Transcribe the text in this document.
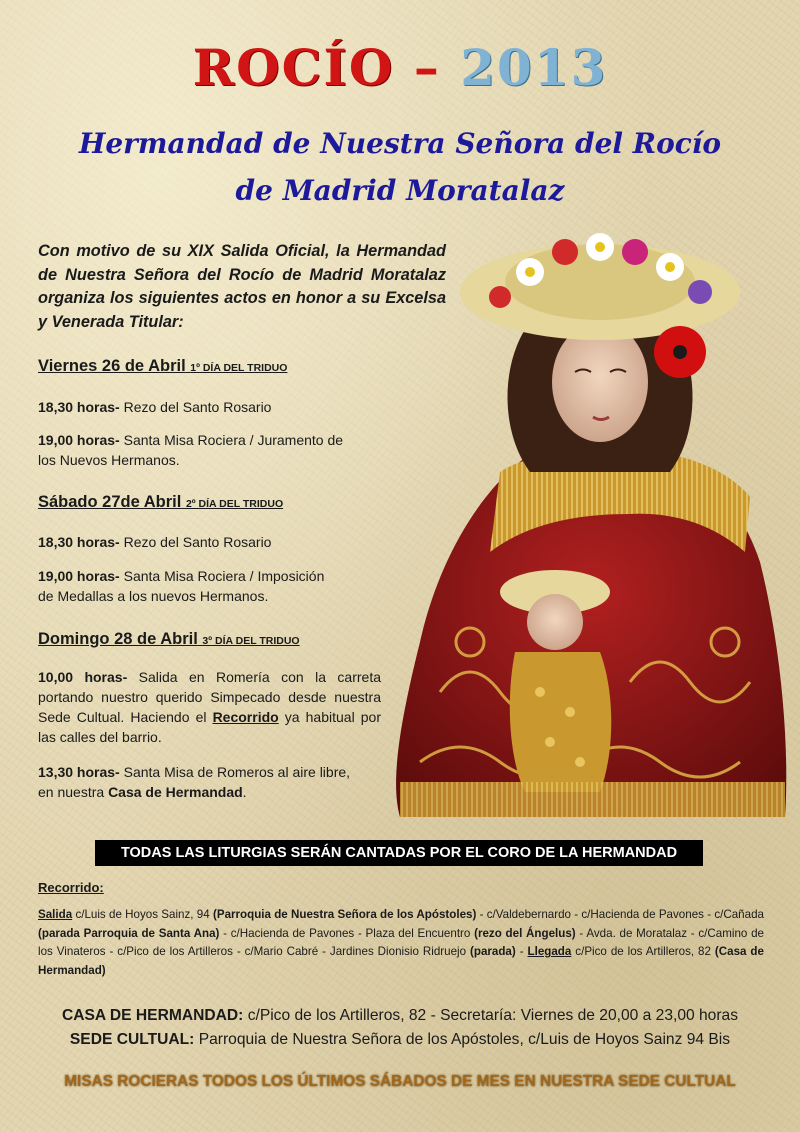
ROCÍO – 2013
Hermandad de Nuestra Señora del Rocío
de Madrid Moratalaz
Con motivo de su XIX Salida Oficial, la Hermandad de Nuestra Señora del Rocío de Madrid Moratalaz organiza los siguientes actos en honor a su Excelsa y Venerada Titular:
Viernes 26 de Abril 1º DÍA DEL TRIDUO
18,30 horas- Rezo del Santo Rosario
19,00 horas- Santa Misa Rociera / Juramento de los Nuevos Hermanos.
Sábado 27de Abril 2º DÍA DEL TRIDUO
18,30 horas- Rezo del Santo Rosario
19,00 horas- Santa Misa Rociera / Imposición de Medallas a los nuevos Hermanos.
Domingo 28 de Abril 3º DÍA DEL TRIDUO
10,00 horas- Salida en Romería con la carreta portando nuestro querido Simpecado desde nuestra Sede Cultual. Haciendo el Recorrido ya habitual por las calles del barrio.
13,30 horas- Santa Misa de Romeros al aire libre, en nuestra Casa de Hermandad.
TODAS LAS LITURGIAS SERÁN CANTADAS POR EL CORO DE LA HERMANDAD
Recorrido:
Salida c/Luis de Hoyos Sainz, 94 (Parroquia de Nuestra Señora de los Apóstoles) - c/Valdebernardo - c/Hacienda de Pavones - c/Cañada (parada Parroquia de Santa Ana) - c/Hacienda de Pavones - Plaza del Encuentro (rezo del Ángelus) - Avda. de Moratalaz - c/Camino de los Vinateros - c/Pico de los Artilleros - c/Mario Cabré - Jardines Dionisio Ridruejo (parada) - Llegada c/Pico de los Artilleros, 82 (Casa de Hermandad)
CASA DE HERMANDAD: c/Pico de los Artilleros, 82 - Secretaría: Viernes de 20,00 a 23,00 horas
SEDE CULTUAL: Parroquia de Nuestra Señora de los Apóstoles, c/Luis de Hoyos Sainz 94 Bis
MISAS ROCIERAS TODOS LOS ÚLTIMOS SÁBADOS DE MES EN NUESTRA SEDE CULTUAL
